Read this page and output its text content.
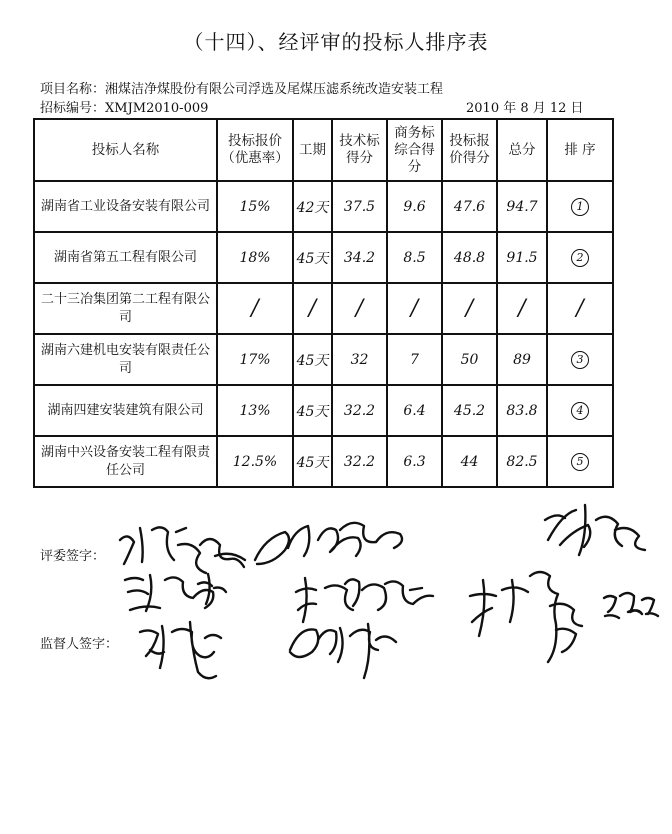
（十四）、经评审的投标人排序表
项目名称：湘煤洁净煤股份有限公司浮选及尾煤压滤系统改造安装工程
招标编号：XMJM2010-009	2010 年 8 月 12 日
投标人名称	投标报价（优惠率）	工期	技术标得分	商务标综合得分	投标报价得分	总分	排 序
湖南省工业设备安装有限公司	15%	42天	37.5	9.6	47.6	94.7	1
湖南省第五工程有限公司	18%	45天	34.2	8.5	48.8	91.5	2
二十三冶集团第二工程有限公司	/	/	/	/	/	/	/
湖南六建机电安装有限责任公司	17%	45天	32	7	50	89	3
湖南四建安装建筑有限公司	13%	45天	32.2	6.4	45.2	83.8	4
湖南中兴设备安装工程有限责任公司	12.5%	45天	32.2	6.3	44	82.5	5
评委签字：
监督人签字：
